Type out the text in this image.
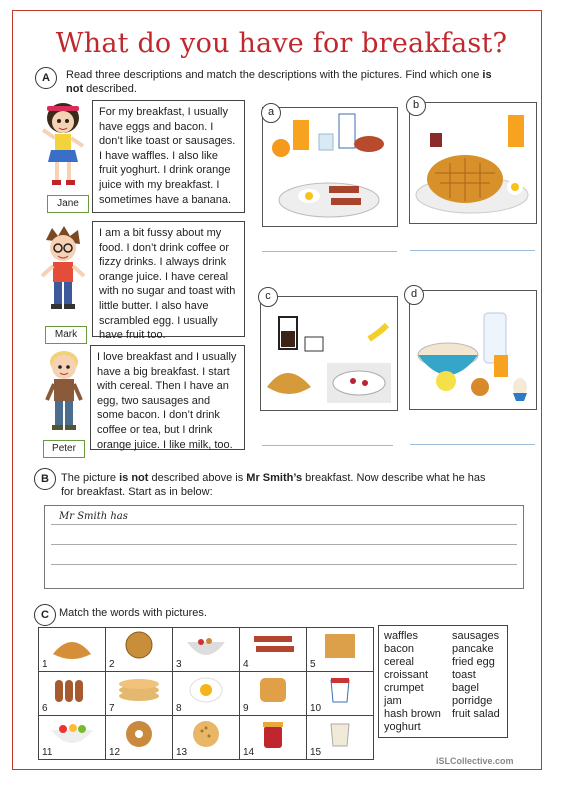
What do you have for breakfast?
A	Read three descriptions and match the descriptions with the pictures. Find which one is not described.
Jane
For my breakfast, I usually have eggs and bacon. I don’t like toast or sausages. I have waffles. I also like fruit yoghurt. I drink orange juice with my breakfast. I sometimes have a banana.
Mark
I am a bit fussy about my food. I don’t drink coffee or fizzy drinks. I always drink orange juice. I have cereal with no sugar and toast with little butter. I also have scrambled egg. I usually have fruit too.
Peter
I love breakfast and I usually have a big breakfast. I start with cereal. Then I have an egg, two sausages and some bacon. I don’t drink coffee or tea, but I drink orange juice. I like milk, too.
a
b
c	d
B	The picture is not described above is Mr Smith’s breakfast. Now describe what he has for breakfast. Start as in below:
Mr Smith has
C Match the words with pictures.
1	2	3	4	5

6	7	8	9	10

11	12	13	14	15
waffles
bacon
cereal
croissant
crumpet
jam
hash brown
yoghurt
sausages
pancake
fried egg
toast
bagel
porridge
fruit salad
iSLCollective.com
